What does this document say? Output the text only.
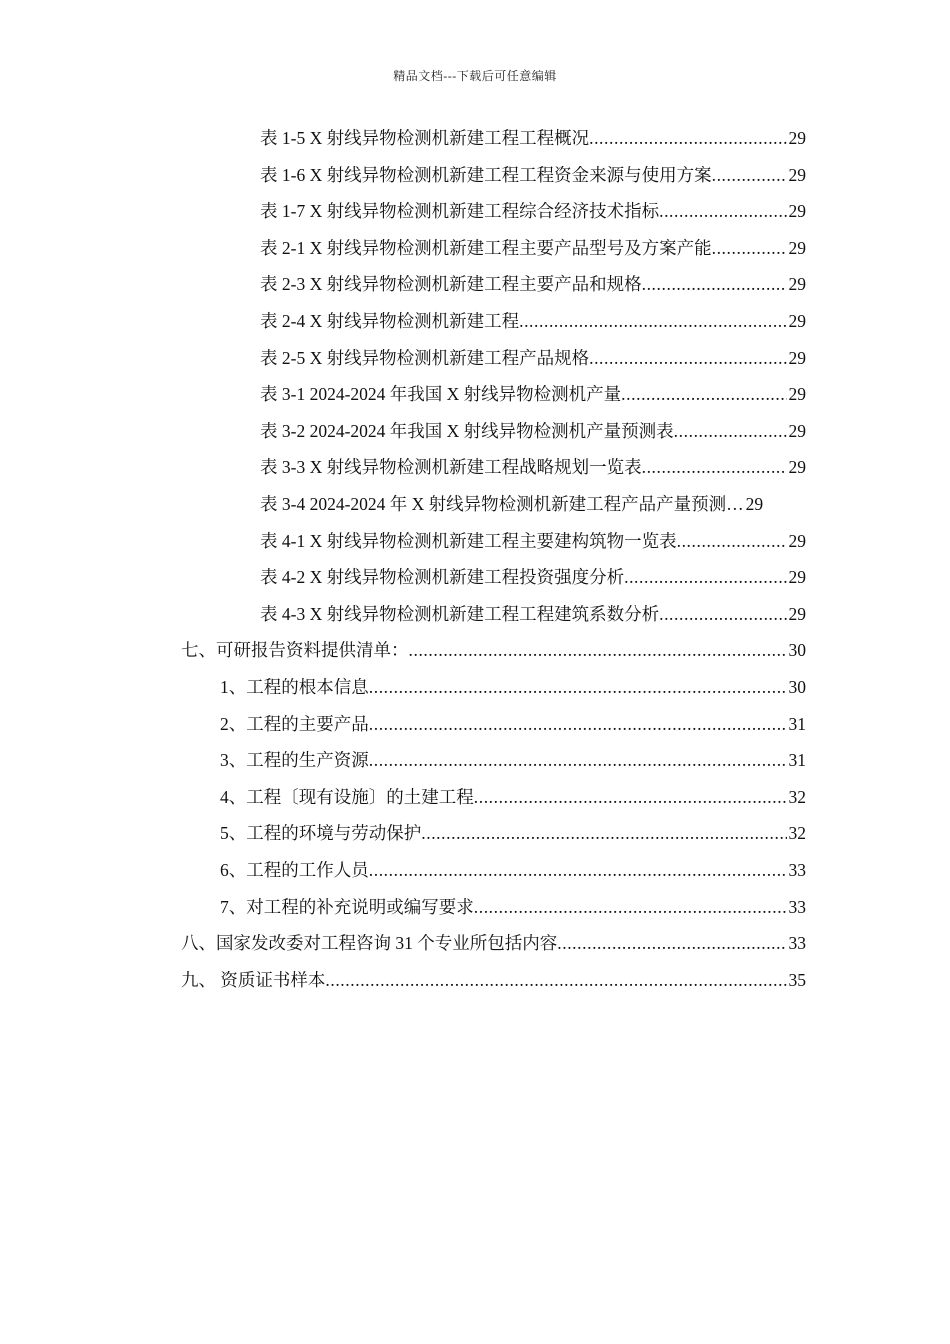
精品文档---下载后可任意编辑
表 1-5 X 射线异物检测机新建工程工程概况 .....	29
表 1-6 X 射线异物检测机新建工程工程资金来源与使用方案 .....	29
表 1-7 X 射线异物检测机新建工程综合经济技术指标 .....	29
表 2-1 X 射线异物检测机新建工程主要产品型号及方案产能 .....	29
表 2-3 X 射线异物检测机新建工程主要产品和规格 .....	29
表 2-4 X 射线异物检测机新建工程 .....	29
表 2-5 X 射线异物检测机新建工程产品规格 .....	29
表 3-1 2024-2024 年我国 X 射线异物检测机产量 .....	29
表 3-2 2024-2024 年我国 X 射线异物检测机产量预测表 .....	29
表 3-3 X 射线异物检测机新建工程战略规划一览表 .....	29
表 3-4 2024-2024 年 X 射线异物检测机新建工程产品产量预测… 29
表 4-1 X 射线异物检测机新建工程主要建构筑物一览表 .....	29
表 4-2 X 射线异物检测机新建工程投资强度分析 .....	29
表 4-3 X 射线异物检测机新建工程工程建筑系数分析 .....	29
七、可研报告资料提供清单： .....	30
1、工程的根本信息 .....	30
2、工程的主要产品 .....	31
3、工程的生产资源 .....	31
4、工程〔现有设施〕的土建工程 .....	32
5、工程的环境与劳动保护 .....	32
6、工程的工作人员 .....	33
7、对工程的补充说明或编写要求 .....	33
八、国家发改委对工程咨询 31 个专业所包括内容 .....	33
九、 资质证书样本 .....	35
